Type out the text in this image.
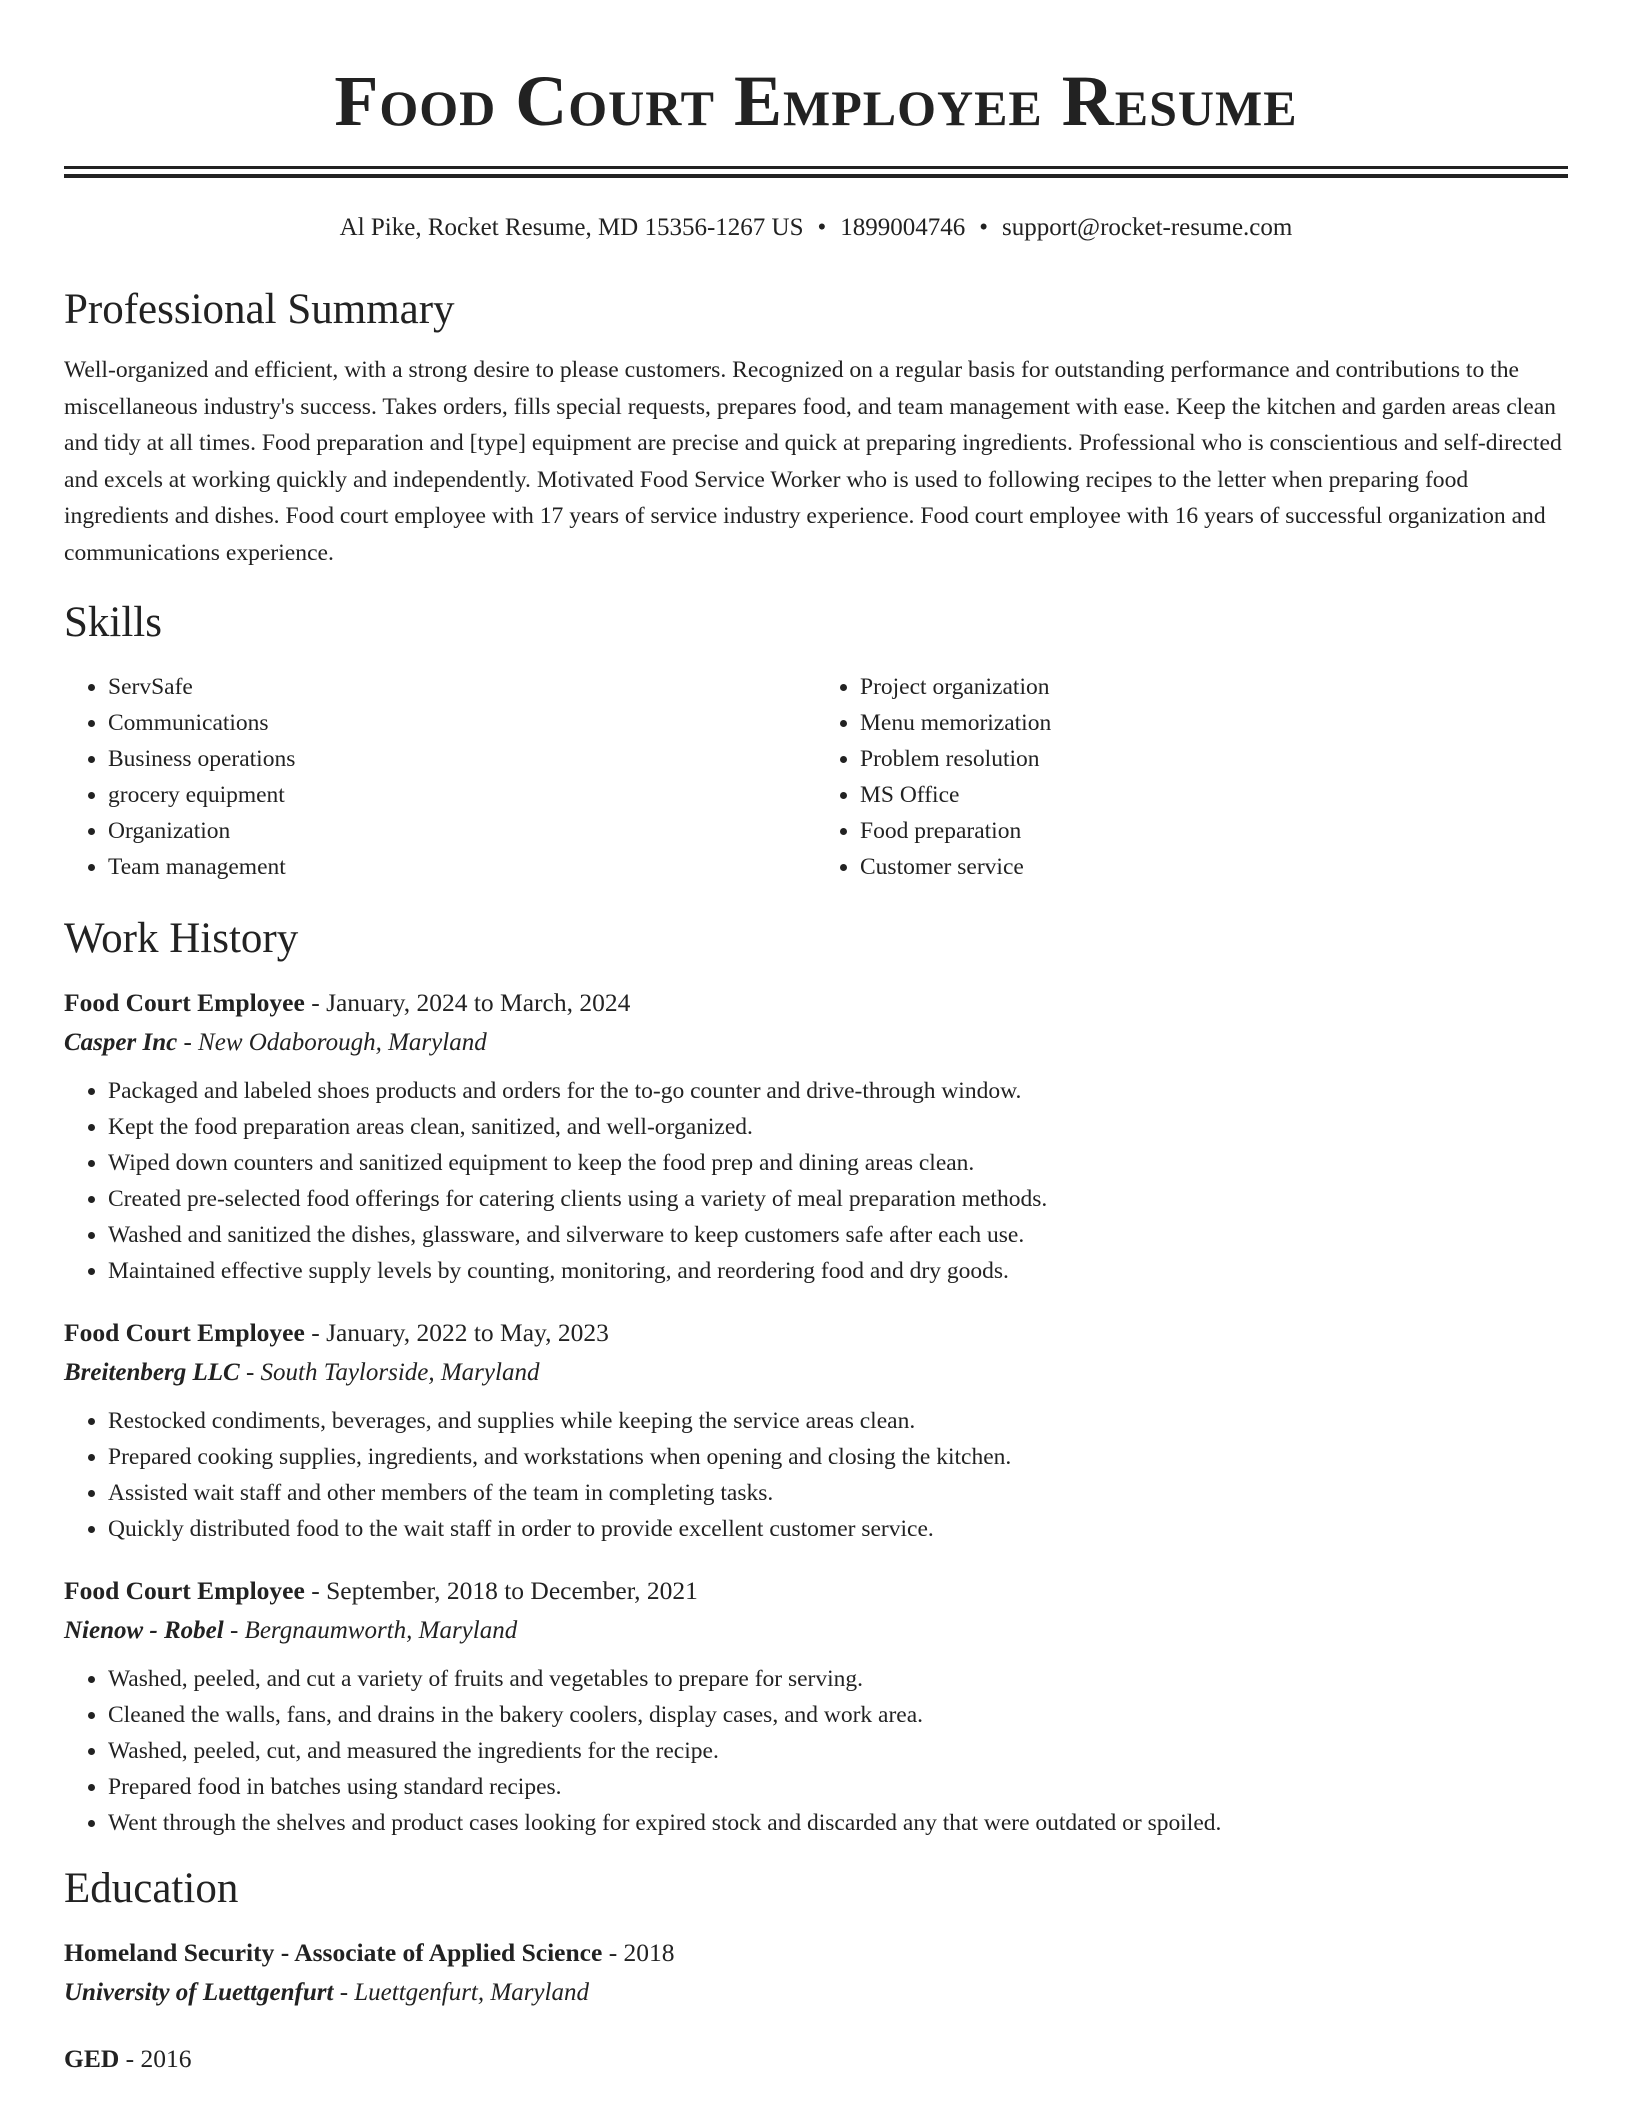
Food Court Employee Resume
Al Pike, Rocket Resume, MD 15356-1267 US • 1899004746 • support@rocket-resume.com
Professional Summary

Well-organized and efficient, with a strong desire to please customers. Recognized on a regular basis for outstanding performance and contributions to the miscellaneous industry's success. Takes orders, fills special requests, prepares food, and team management with ease. Keep the kitchen and garden areas clean and tidy at all times. Food preparation and [type] equipment are precise and quick at preparing ingredients. Professional who is conscientious and self-directed and excels at working quickly and independently. Motivated Food Service Worker who is used to following recipes to the letter when preparing food ingredients and dishes. Food court employee with 17 years of service industry experience. Food court employee with 16 years of successful organization and communications experience.

Skills
• ServSafe
• Communications
• Business operations
• grocery equipment
• Organization
• Team management
• Project organization
• Menu memorization
• Problem resolution
• MS Office
• Food preparation
• Customer service
Work History
Food Court Employee - January, 2024 to March, 2024
Casper Inc - New Odaborough, Maryland
• Packaged and labeled shoes products and orders for the to-go counter and drive-through window.
• Kept the food preparation areas clean, sanitized, and well-organized.
• Wiped down counters and sanitized equipment to keep the food prep and dining areas clean.
• Created pre-selected food offerings for catering clients using a variety of meal preparation methods.
• Washed and sanitized the dishes, glassware, and silverware to keep customers safe after each use.
• Maintained effective supply levels by counting, monitoring, and reordering food and dry goods.
Food Court Employee - January, 2022 to May, 2023
Breitenberg LLC - South Taylorside, Maryland
• Restocked condiments, beverages, and supplies while keeping the service areas clean.
• Prepared cooking supplies, ingredients, and workstations when opening and closing the kitchen.
• Assisted wait staff and other members of the team in completing tasks.
• Quickly distributed food to the wait staff in order to provide excellent customer service.
Food Court Employee - September, 2018 to December, 2021
Nienow - Robel - Bergnaumworth, Maryland
• Washed, peeled, and cut a variety of fruits and vegetables to prepare for serving.
• Cleaned the walls, fans, and drains in the bakery coolers, display cases, and work area.
• Washed, peeled, cut, and measured the ingredients for the recipe.
• Prepared food in batches using standard recipes.
• Went through the shelves and product cases looking for expired stock and discarded any that were outdated or spoiled.
Education
Homeland Security - Associate of Applied Science - 2018
University of Luettgenfurt - Luettgenfurt, Maryland
GED - 2016
